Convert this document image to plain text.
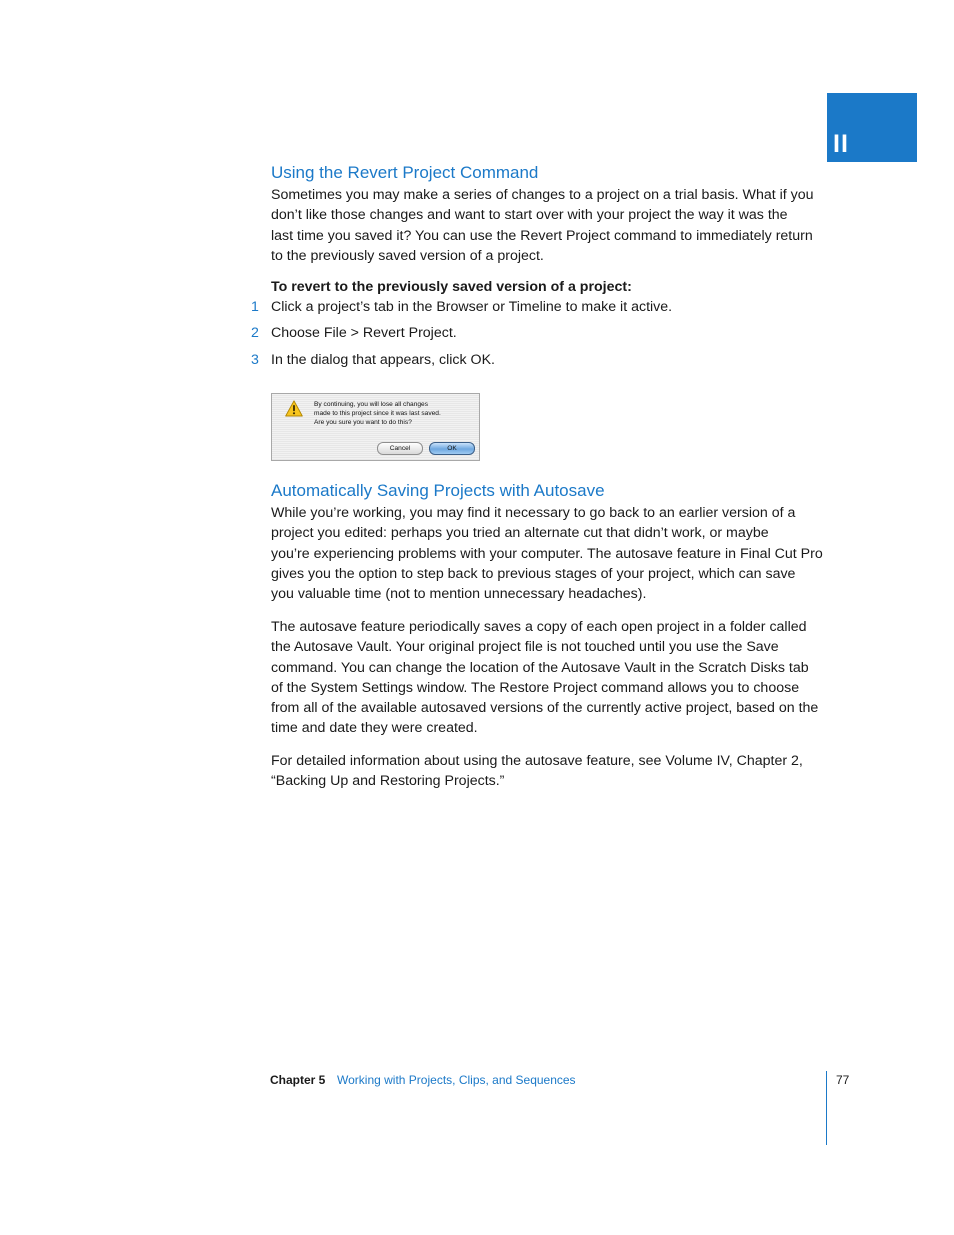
II
Using the Revert Project Command

Sometimes you may make a series of changes to a project on a trial basis. What if you
don’t like those changes and want to start over with your project the way it was the
last time you saved it? You can use the Revert Project command to immediately return
to the previously saved version of a project.

To revert to the previously saved version of a project:

1 Click a project’s tab in the Browser or Timeline to make it active.
2 Choose File > Revert Project.
3 In the dialog that appears, click OK.
By continuing, you will lose all changes
made to this project since it was last saved.
Are you sure you want to do this?
Cancel	OK
Automatically Saving Projects with Autosave

While you’re working, you may find it necessary to go back to an earlier version of a
project you edited: perhaps you tried an alternate cut that didn’t work, or maybe
you’re experiencing problems with your computer. The autosave feature in Final Cut Pro
gives you the option to step back to previous stages of your project, which can save
you valuable time (not to mention unnecessary headaches).

The autosave feature periodically saves a copy of each open project in a folder called
the Autosave Vault. Your original project file is not touched until you use the Save
command. You can change the location of the Autosave Vault in the Scratch Disks tab
of the System Settings window. The Restore Project command allows you to choose
from all of the available autosaved versions of the currently active project, based on the
time and date they were created.

For detailed information about using the autosave feature, see Volume IV, Chapter 2,
“Backing Up and Restoring Projects.”

Chapter 5 Working with Projects, Clips, and Sequences	77
